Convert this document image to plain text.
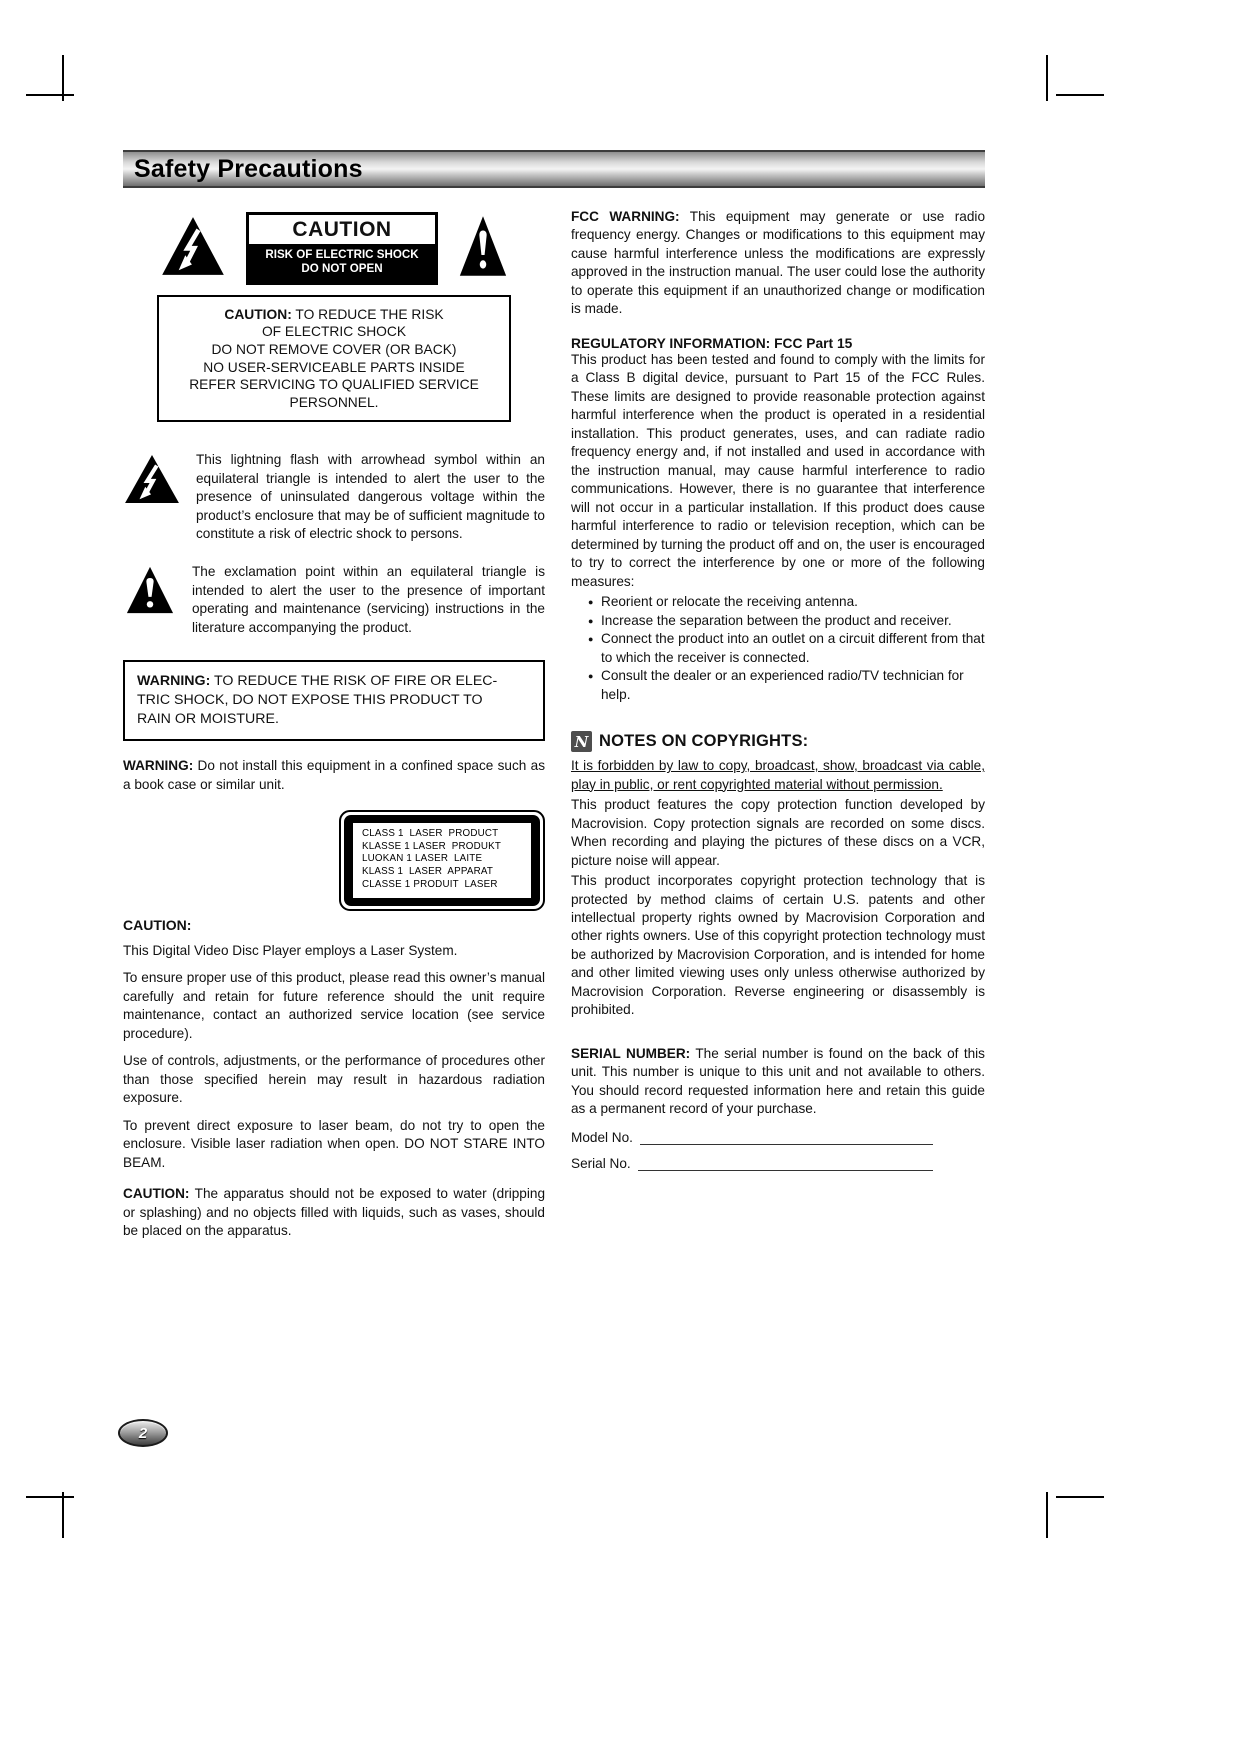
Safety Precautions
CAUTION
RISK OF ELECTRIC SHOCK
DO NOT OPEN
CAUTION: TO REDUCE THE RISK
OF ELECTRIC SHOCK
DO NOT REMOVE COVER (OR BACK)
NO USER-SERVICEABLE PARTS INSIDE
REFER SERVICING TO QUALIFIED SERVICE
PERSONNEL.

This lightning flash with arrowhead symbol within an equilateral triangle is intended to alert the user to the presence of uninsulated dangerous voltage within the product’s enclosure that may be of sufficient magnitude to constitute a risk of electric shock to persons.

The exclamation point within an equilateral triangle is intended to alert the user to the presence of important operating and maintenance (servicing) instructions in the literature accompanying the product.

WARNING: TO REDUCE THE RISK OF FIRE OR ELEC-
TRIC SHOCK, DO NOT EXPOSE THIS PRODUCT TO
RAIN OR MOISTURE.

WARNING: Do not install this equipment in a confined space such as a book case or similar unit.

CLASS 1  LASER  PRODUCT
KLASSE 1 LASER  PRODUKT
LUOKAN 1 LASER  LAITE
KLASS 1  LASER  APPARAT
CLASSE 1 PRODUIT  LASER
CAUTION:

This Digital Video Disc Player employs a Laser System.

To ensure proper use of this product, please read this owner’s manual carefully and retain for future reference should the unit require maintenance, contact an authorized service location (see service procedure).

Use of controls, adjustments, or the performance of procedures other than those specified herein may result in hazardous radiation exposure.

To prevent direct exposure to laser beam, do not try to open the enclosure. Visible laser radiation when open. DO NOT STARE INTO BEAM.

CAUTION: The apparatus should not be exposed to water (dripping or splashing) and no objects filled with liquids, such as vases, should be placed on the apparatus.

FCC WARNING: This equipment may generate or use radio frequency energy. Changes or modifications to this equipment may cause harmful interference unless the modifications are expressly approved in the instruction manual. The user could lose the authority to operate this equipment if an unauthorized change or modification is made.

REGULATORY INFORMATION: FCC Part 15

This product has been tested and found to comply with the limits for a Class B digital device, pursuant to Part 15 of the FCC Rules. These limits are designed to provide reasonable protection against harmful interference when the product is operated in a residential installation. This product generates, uses, and can radiate radio frequency energy and, if not installed and used in accordance with the instruction manual, may cause harmful interference to radio communications. However, there is no guarantee that interference will not occur in a particular installation. If this product does cause harmful interference to radio or television reception, which can be determined by turning the product off and on, the user is encouraged to try to correct the interference by one or more of the following measures:

● Reorient or relocate the receiving antenna.
● Increase the separation between the product and receiver.
● Connect the product into an outlet on a circuit different from that to which the receiver is connected.
● Consult the dealer or an experienced radio/TV technician for help.
N NOTES ON COPYRIGHTS:

It is forbidden by law to copy, broadcast, show, broadcast via cable, play in public, or rent copyrighted material without permission.

This product features the copy protection function developed by Macrovision. Copy protection signals are recorded on some discs. When recording and playing the pictures of these discs on a VCR, picture noise will appear.

This product incorporates copyright protection technology that is protected by method claims of certain U.S. patents and other intellectual property rights owned by Macrovision Corporation and other rights owners. Use of this copyright protection technology must be authorized by Macrovision Corporation, and is intended for home and other limited viewing uses only unless otherwise authorized by Macrovision Corporation. Reverse engineering or disassembly is prohibited.

SERIAL NUMBER: The serial number is found on the back of this unit. This number is unique to this unit and not available to others. You should record requested information here and retain this guide as a permanent record of your purchase.

Model No.
Serial No.
2
